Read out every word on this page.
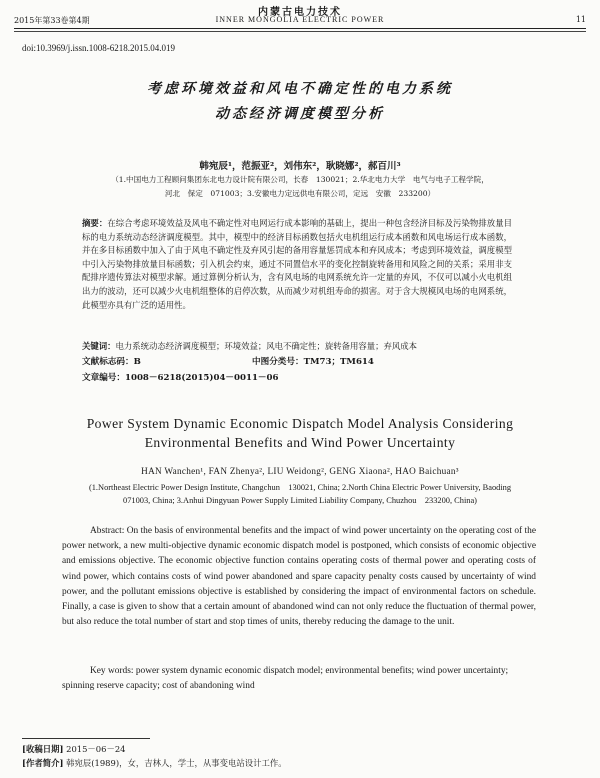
内蒙古电力技术
2015年第33卷第4期	INNER MONGOLIA ELECTRIC POWER	11
doi:10.3969/j.issn.1008-6218.2015.04.019
考虑环境效益和风电不确定性的电力系统
动态经济调度模型分析
韩宛辰¹，范振亚²，刘伟东²，耿晓娜²，郝百川³
（1.中国电力工程顾问集团东北电力设计院有限公司，长春　130021；2.华北电力大学　电气与电子工程学院，
河北　保定　071003；3.安徽电力定远供电有限公司，定远　安徽　233200）
摘要：在综合考虑环境效益及风电不确定性对电网运行成本影响的基础上，提出一种包含经济目标及污染物排放量目标的电力系统动态经济调度模型。其中，模型中的经济目标函数包括火电机组运行成本函数和风电场运行成本函数，并在多目标函数中加入了由于风电不确定性及弃风引起的备用容量惩罚成本和弃风成本；考虑到环境效益，调度模型中引入污染物排放量目标函数；引入机会约束，通过不同置信水平的变化控制旋转备用和风险之间的关系；采用非支配排序遗传算法对模型求解。通过算例分析认为，含有风电场的电网系统允许一定量的弃风，不仅可以减小火电机组出力的波动，还可以减少火电机组整体的启停次数，从而减少对机组寿命的损害。对于含大规模风电场的电网系统，此模型亦具有广泛的适用性。
关键词：电力系统动态经济调度模型；环境效益；风电不确定性；旋转备用容量；弃风成本
文献标志码：B	中图分类号：TM73；TM614
文章编号：1008－6218(2015)04－0011－06
Power System Dynamic Economic Dispatch Model Analysis Considering
Environmental Benefits and Wind Power Uncertainty
HAN Wanchen¹, FAN Zhenya², LIU Weidong², GENG Xiaona², HAO Baichuan³
(1.Northeast Electric Power Design Institute, Changchun　130021, China; 2.North China Electric Power University, Baoding
071003, China; 3.Anhui Dingyuan Power Supply Limited Liability Company, Chuzhou　233200, China)
Abstract: On the basis of environmental benefits and the impact of wind power uncertainty on the operating cost of the power network, a new multi-objective dynamic economic dispatch model is postponed, which consists of economic objective and emissions objective. The economic objective function contains operating costs of thermal power and operating costs of wind power, which contains costs of wind power abandoned and spare capacity penalty costs caused by uncertainty of wind power, and the pollutant emissions objective is established by considering the impact of environmental factors on schedule. Finally, a case is given to show that a certain amount of abandoned wind can not only reduce the fluctuation of thermal power, but also reduce the total number of start and stop times of units, thereby reducing the damage to the unit.
Key words: power system dynamic economic dispatch model; environmental benefits; wind power uncertainty; spinning reserve capacity; cost of abandoning wind
[收稿日期] 2015－06－24
[作者简介] 韩宛辰(1989)，女，吉林人，学士，从事变电站设计工作。
